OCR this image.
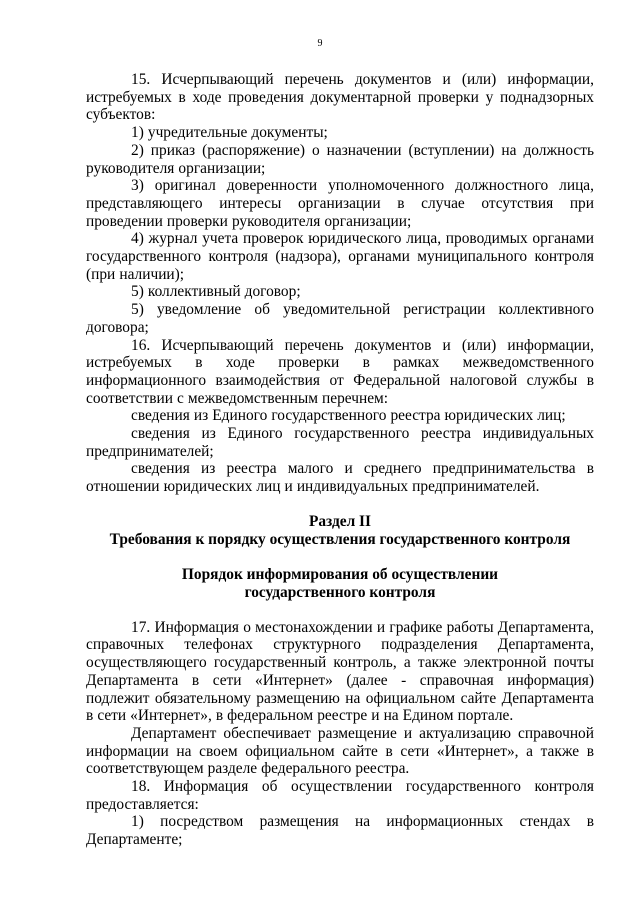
9

15. Исчерпывающий перечень документов и (или) информации, истребуемых в ходе проведения документарной проверки у поднадзорных субъектов:

1) учредительные документы;

2) приказ (распоряжение) о назначении (вступлении) на должность руководителя организации;

3) оригинал доверенности уполномоченного должностного лица, представляющего интересы организации в случае отсутствия при проведении проверки руководителя организации;

4) журнал учета проверок юридического лица, проводимых органами государственного контроля (надзора), органами муниципального контроля (при наличии);

5) коллективный договор;

5) уведомление об уведомительной регистрации коллективного договора;

16. Исчерпывающий перечень документов и (или) информации, истребуемых в ходе проверки в рамках межведомственного информационного взаимодействия от Федеральной налоговой службы в соответствии с межведомственным перечнем:

сведения из Единого государственного реестра юридических лиц;

сведения из Единого государственного реестра индивидуальных предпринимателей;

сведения из реестра малого и среднего предпринимательства в отношении юридических лиц и индивидуальных предпринимателей.

Раздел II

Требования к порядку осуществления государственного контроля

Порядок информирования об осуществлении

государственного контроля

17. Информация о местонахождении и графике работы Департамента, справочных телефонах структурного подразделения Департамента, осуществляющего государственный контроль, а также электронной почты Департамента в сети «Интернет» (далее - справочная информация) подлежит обязательному размещению на официальном сайте Департамента в сети «Интернет», в федеральном реестре и на Едином портале.

Департамент обеспечивает размещение и актуализацию справочной информации на своем официальном сайте в сети «Интернет», а также в соответствующем разделе федерального реестра.

18. Информация об осуществлении государственного контроля предоставляется:

1) посредством размещения на информационных стендах в Департаменте;
